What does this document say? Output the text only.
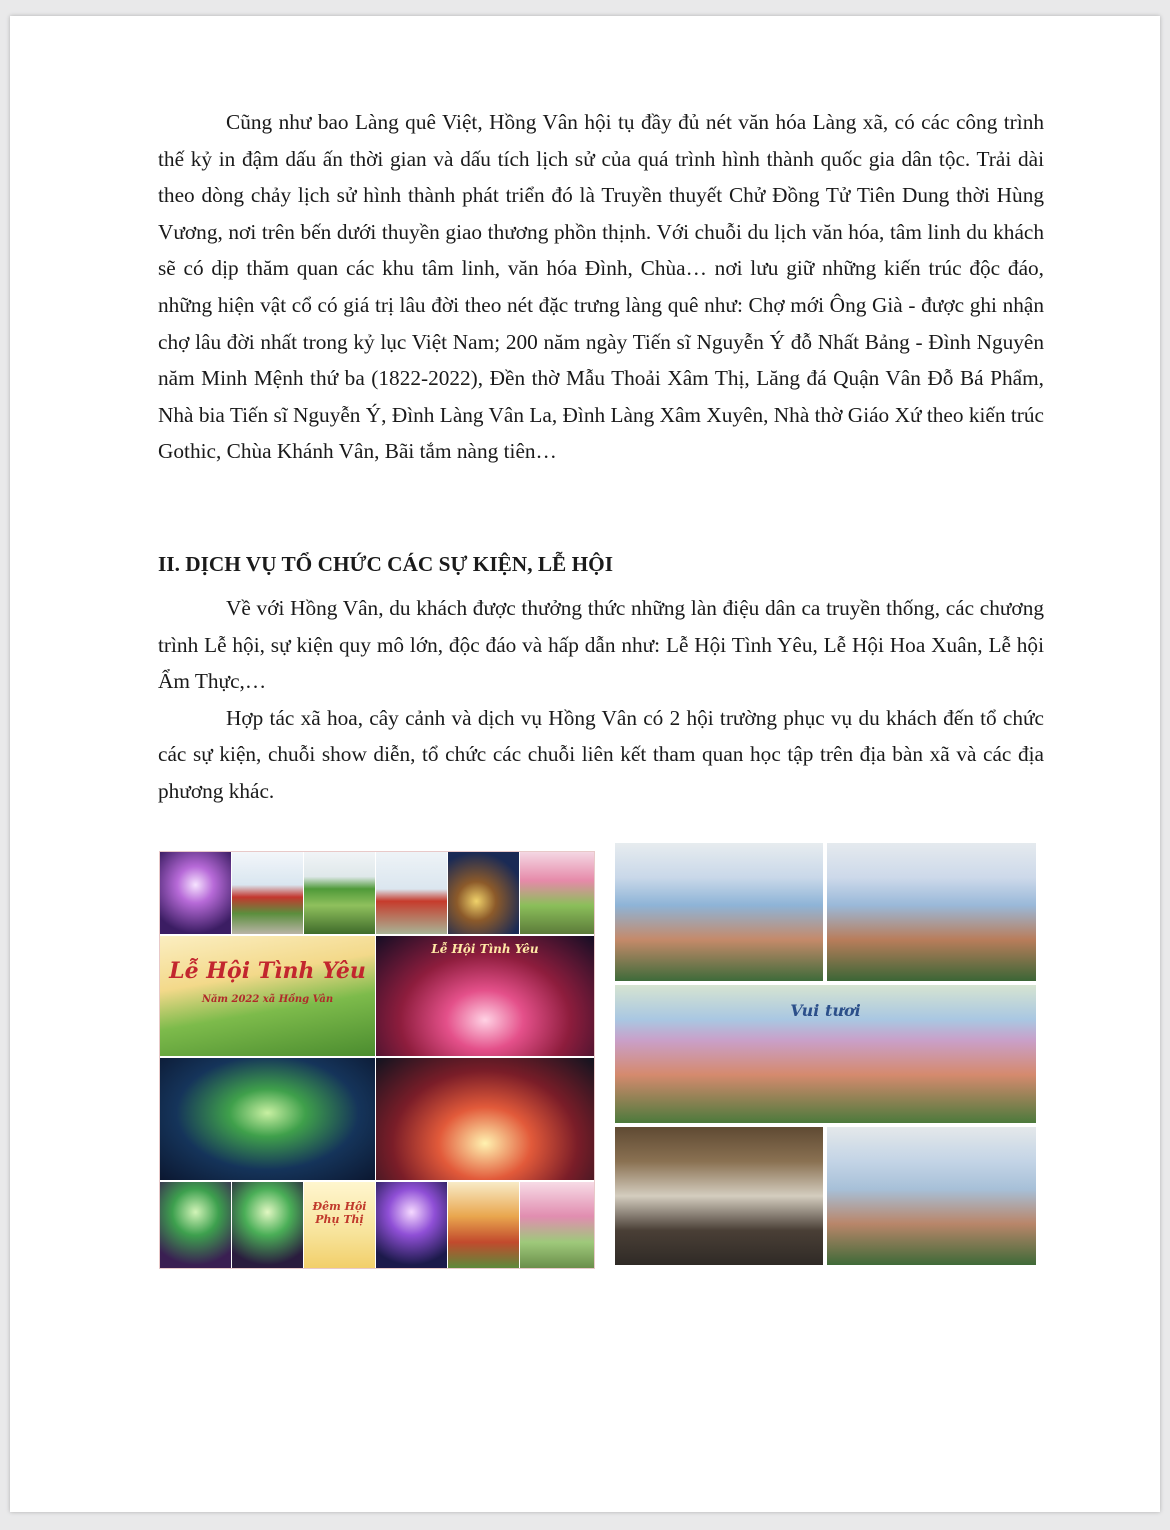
Cũng như bao Làng quê Việt, Hồng Vân hội tụ đầy đủ nét văn hóa Làng xã, có các công trình thế kỷ in đậm dấu ấn thời gian và dấu tích lịch sử của quá trình hình thành quốc gia dân tộc. Trải dài theo dòng chảy lịch sử hình thành phát triển đó là Truyền thuyết Chử Đồng Tử Tiên Dung thời Hùng Vương, nơi trên bến dưới thuyền giao thương phồn thịnh. Với chuỗi du lịch văn hóa, tâm linh du khách sẽ có dịp thăm quan các khu tâm linh, văn hóa Đình, Chùa… nơi lưu giữ những kiến trúc độc đáo, những hiện vật cổ có giá trị lâu đời theo nét đặc trưng làng quê như: Chợ mới Ông Già - được ghi nhận chợ lâu đời nhất trong kỷ lục Việt Nam; 200 năm ngày Tiến sĩ Nguyễn Ý đỗ Nhất Bảng - Đình Nguyên năm Minh Mệnh thứ ba (1822-2022), Đền thờ Mẫu Thoải Xâm Thị, Lăng đá Quận Vân Đỗ Bá Phẩm, Nhà bia Tiến sĩ Nguyễn Ý, Đình Làng Vân La, Đình Làng Xâm Xuyên, Nhà thờ Giáo Xứ theo kiến trúc Gothic, Chùa Khánh Vân, Bãi tắm nàng tiên…

II. DỊCH VỤ TỔ CHỨC CÁC SỰ KIỆN, LỄ HỘI

Về với Hồng Vân, du khách được thưởng thức những làn điệu dân ca truyền thống, các chương trình Lễ hội, sự kiện quy mô lớn, độc đáo và hấp dẫn như: Lễ Hội Tình Yêu, Lễ Hội Hoa Xuân, Lễ hội Ẩm Thực,…

Hợp tác xã hoa, cây cảnh và dịch vụ Hồng Vân có 2 hội trường phục vụ du khách đến tổ chức các sự kiện, chuỗi show diễn, tổ chức các chuỗi liên kết tham quan học tập trên địa bàn xã và các địa phương khác.

Lễ Hội Tình Yêu
Năm 2022 xã Hồng Vân
Lễ Hội Tình Yêu
Đêm Hội Phụ Thị
Vui tươi
